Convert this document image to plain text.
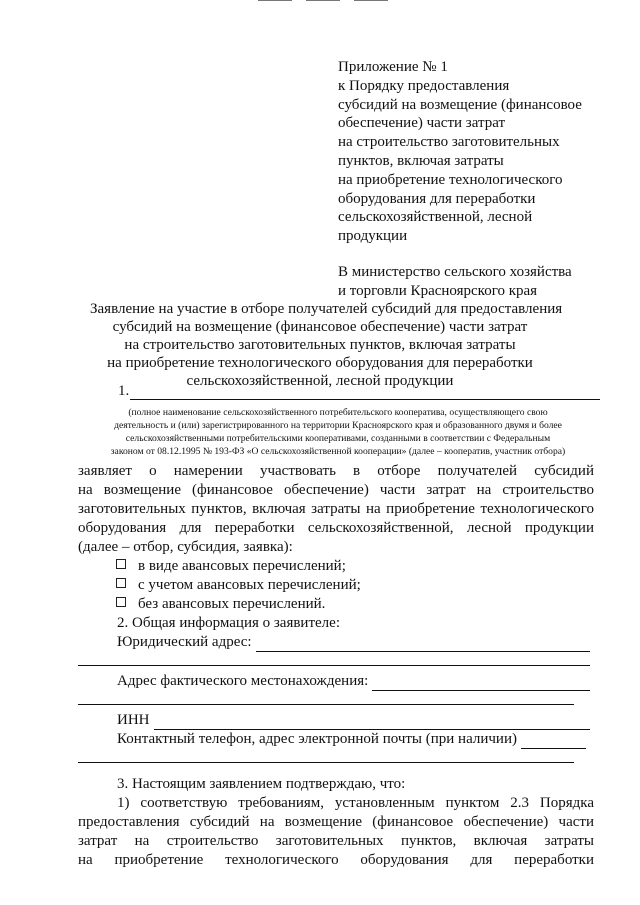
Приложение № 1
к Порядку предоставления
субсидий на возмещение (финансовое
обеспечение) части затрат
на строительство заготовительных
пунктов, включая затраты
на приобретение технологического
оборудования для переработки
сельскохозяйственной, лесной
продукции
В министерство сельского хозяйства
и торговли Красноярского края
Заявление на участие в отборе получателей субсидий для предоставления
субсидий на возмещение (финансовое обеспечение) части затрат
на строительство заготовительных пунктов, включая затраты
на приобретение технологического оборудования для переработки
сельскохозяйственной, лесной продукции
1.
(полное наименование сельскохозяйственного потребительского кооператива, осуществляющего свою
деятельность и (или) зарегистрированного на территории Красноярского края и образованного двумя и более
сельскохозяйственными потребительскими кооперативами, созданными в соответствии с Федеральным
законом от 08.12.1995 № 193-ФЗ «О сельскохозяйственной кооперации» (далее – кооператив, участник отбора)
заявляет    о    намерении    участвовать    в    отборе    получателей    субсидий
на возмещение (финансовое обеспечение) части затрат на строительство
заготовительных пунктов, включая затраты на приобретение технологического
оборудования для переработки сельскохозяйственной, лесной продукции
(далее – отбор, субсидия, заявка):
в виде авансовых перечислений;
с учетом авансовых перечислений;
без авансовых перечислений.
2. Общая информация о заявителе:
Юридический адрес:
Адрес фактического местонахождения:
ИНН
Контактный телефон, адрес электронной почты (при наличии)
3. Настоящим заявлением подтверждаю, что:
1) соответствую требованиям, установленным пунктом 2.3 Порядка
предоставления субсидий на возмещение (финансовое обеспечение) части
затрат на строительство заготовительных пунктов, включая затраты
на приобретение технологического оборудования для переработки
